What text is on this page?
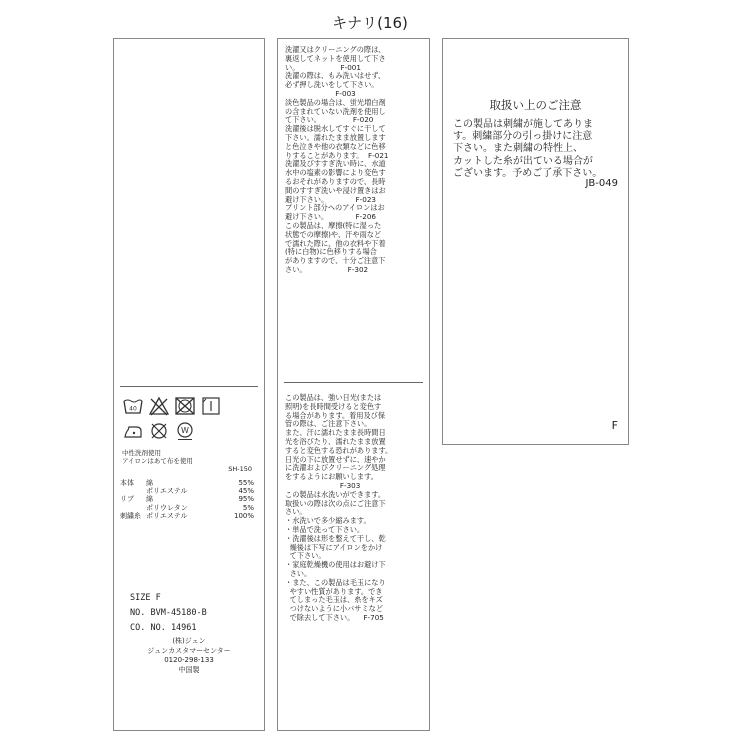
キナリ(16)
40
W
中性洗剤使用
アイロンはあて布を使用
SH-150
本体	綿	55%
ポリエステル	45%
リブ	綿	95%
ポリウレタン	5%
刺繍糸 ポリエステル	100%
SIZE F
NO. BVM-45180-B
CO. NO. 14961
(株)ジュン
ジュンカスタマーセンター
0120-298-133
中国製
洗濯又はクリーニングの際は、
裏返してネットを使用して下さ
い。                  F-001
洗濯の際は、もみ洗いはせず、
必ず押し洗いをして下さい。
F-003
淡色製品の場合は、蛍光増白剤
の含まれていない洗剤を使用し
て下さい。              F-020
洗濯後は脱水してすぐに干して
下さい。濡れたまま放置します
と色泣きや他の衣類などに色移
りすることがあります。  F-021
洗濯及びすすぎ洗い時に、水道
水中の塩素の影響により変色す
るおそれがありますので、長時
間のすすぎ洗いや浸け置きはお
避け下さい。            F-023
プリント部分へのアイロンはお
避け下さい。            F-206
この製品は、摩擦(特に湿った
状態での摩擦)や、汗や雨など
で濡れた際に、他の衣料や下着
(特に白物)に色移りする場合
がありますので、十分ご注意下
さい。                  F-302
この製品は、強い日光(または
照明)を長時間受けると変色す
る場合があります。着用及び保
管の際は、ご注意下さい。
また、汗に濡れたまま長時間日
光を浴びたり、濡れたまま放置
すると変色する恐れがあります。
日光の下に放置せずに、速やか
に洗濯およびクリーニング処理
をするようにお願いします。
F-303
この製品は水洗いができます。
取扱いの際は次の点にご注意下
さい。
・水洗いで多少縮みます。
・単品で洗って下さい。
・洗濯後は形を整えて干し、乾
燥後は下写にアイロンをかけ
て下さい。
・家庭乾燥機の使用はお避け下
さい。
・また、この製品は毛玉になり
やすい性質があります。でき
てしまった毛玉は、糸をキズ
つけないように小バサミなど
で除去して下さい。    F-705
取扱い上のご注意
この製品は刺繍が施してありま
す。刺繍部分の引っ掛けに注意
下さい。また刺繍の特性上、
カットした糸が出ている場合が
ございます。予めご了承下さい。
JB-049
F
